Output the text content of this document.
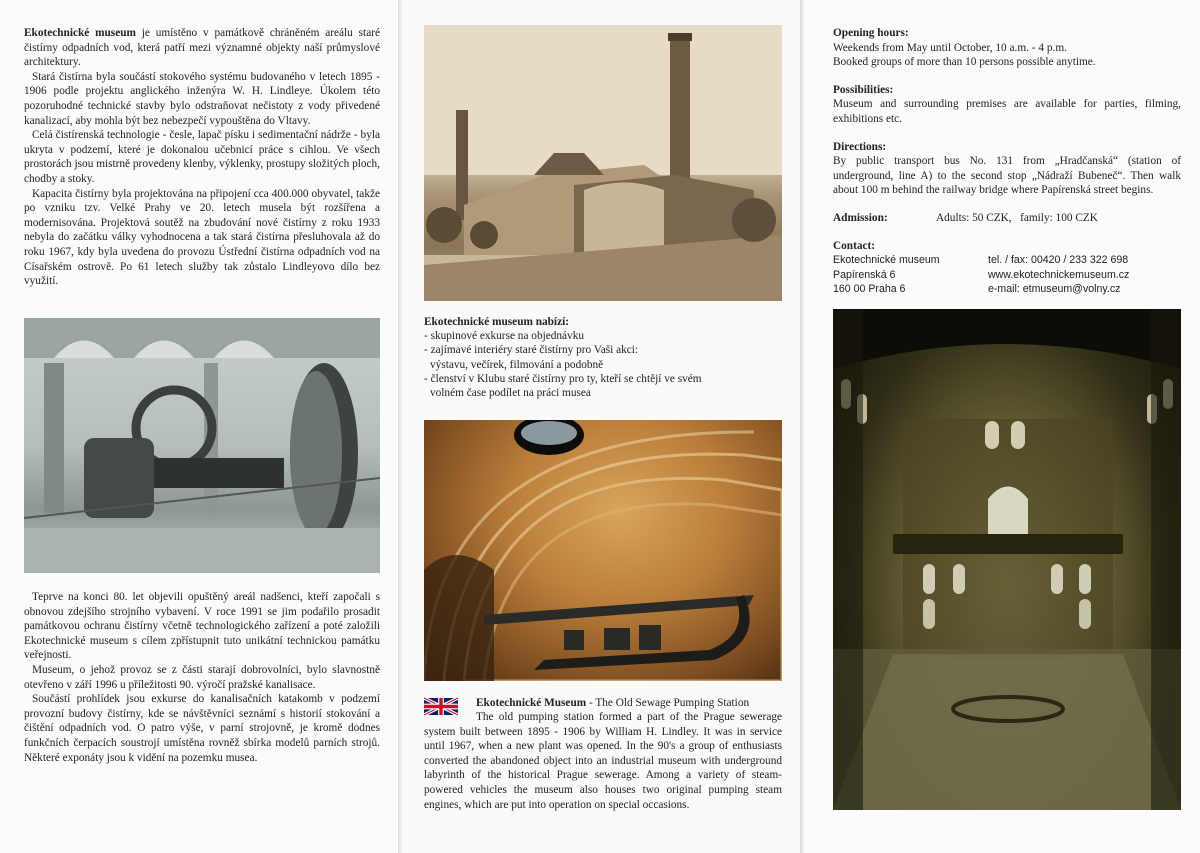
Ekotechnické museum je umístěno v památkově chráněném areálu staré čistírny odpadních vod, která patří mezi významné objekty naší průmyslové architektury.

Stará čistírna byla součástí stokového systému budovaného v letech 1895 - 1906 podle projektu anglického inženýra W. H. Lindleye. Úkolem této pozoruhodné technické stavby bylo odstraňovat nečistoty z vody přivedené kanalizací, aby mohla být bez nebezpečí vypouštěna do Vltavy.

Celá čistírenská technologie - česle, lapač písku i sedimentační nádrže - byla ukryta v podzemí, které je dokonalou učebnicí práce s cihlou. Ve všech prostorách jsou mistrně provedeny klenby, výklenky, prostupy složitých ploch, chodby a stoky.

Kapacita čistírny byla projektována na připojení cca 400.000 obyvatel, takže po vzniku tzv. Velké Prahy ve 20. letech musela být rozšířena a modernisována. Projektová soutěž na zbudování nové čistírny z roku 1933 nebyla do začátku války vyhodnocena a tak stará čistírna přesluhovala až do roku 1967, kdy byla uvedena do provozu Ústřední čistírna odpadních vod na Císařském ostrově. Po 61 letech služby tak zůstalo Lindleyovo dílo bez využití.

Teprve na konci 80. let objevili opuštěný areál nadšenci, kteří započali s obnovou zdejšího strojního vybavení. V roce 1991 se jim podařilo prosadit památkovou ochranu čistírny včetně technologického zařízení a poté založili Ekotechnické museum s cílem zpřístupnit tuto unikátní technickou památku veřejnosti.

Museum, o jehož provoz se z části starají dobrovolníci, bylo slavnostně otevřeno v září 1996 u příležitosti 90. výročí pražské kanalisace.

Součástí prohlídek jsou exkurse do kanalisačních katakomb v podzemí provozní budovy čistírny, kde se návštěvníci seznámí s historií stokování a čištění odpadních vod. O patro výše, v parní strojovně, je kromě dodnes funkčních čerpacích soustrojí umístěna rovněž sbírka modelů parních strojů. Některé exponáty jsou k vidění na pozemku musea.

Ekotechnické museum nabízí:

- skupinové exkurse na objednávku

- zajímavé interiéry staré čistírny pro Vaši akci:

výstavu, večírek, filmování a podobně

- členství v Klubu staré čistírny pro ty, kteří se chtějí ve svém

volném čase podílet na práci musea

Ekotechnické Museum - The Old Sewage Pumping Station
The old pumping station formed a part of the Prague sewerage system built between 1895 - 1906 by William H. Lindley. It was in service until 1967, when a new plant was opened. In the 90's a group of enthusiasts converted the abandoned object into an industrial museum with underground labyrinth of the historical Prague sewerage. Among a variety of steam-powered vehicles the museum also houses two original pumping steam engines, which are put into operation on special occasions.

Opening hours:

Weekends from May until October, 10 a.m. - 4 p.m.

Booked groups of more than 10 persons possible anytime.

Possibilities:

Museum and surrounding premises are available for parties, filming, exhibitions etc.

Directions:

By public transport bus No. 131 from „Hradčanská“ (station of underground, line A) to the second stop „Nádraží Bubeneč“. Then walk about 100 m behind the railway bridge where Papírenská street begins.

Admission:	Adults: 50 CZK,   family: 100 CZK

Contact:

Ekotechnické museum
Papírenská 6
160 00 Praha 6
tel. / fax: 00420 / 233 322 698
www.ekotechnickemuseum.cz
e-mail: etmuseum@volny.cz
